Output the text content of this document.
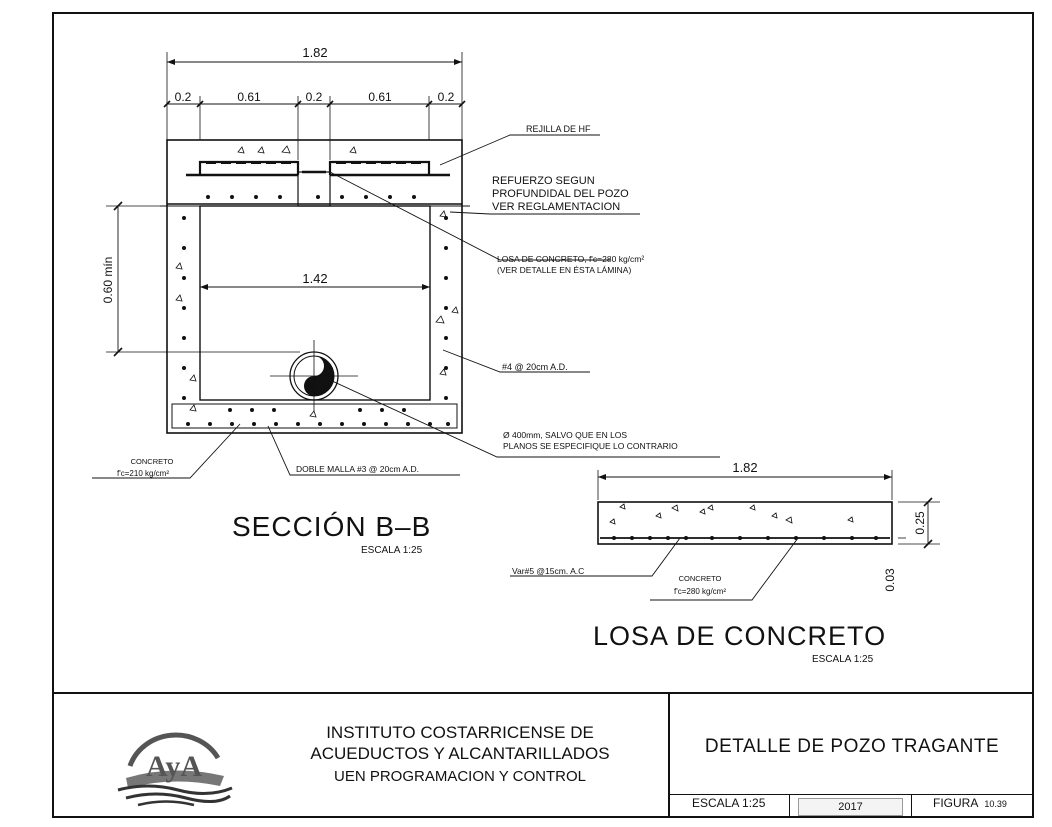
1.82
0.2	0.61	0.2	0.61	0.2
1.42
0.60 mín
REJILLA DE HF
REFUERZO SEGUN
PROFUNDIDAL DEL POZO
VER REGLAMENTACION
LOSA DE CONCRETO, f'c=280 kg/cm²
(VER DETALLE EN ÉSTA LÁMINA)
#4 @ 20cm A.D.
Ø 400mm, SALVO QUE EN LOS
PLANOS SE ESPECIFIQUE LO CONTRARIO
CONCRETO
f'c=210 kg/cm²	DOBLE MALLA #3 @ 20cm A.D.
SECCIÓN B–B
ESCALA 1:25
1.82
0.25
0.03
Var#5 @15cm. A.C
CONCRETO
f'c=280 kg/cm²
LOSA DE CONCRETO
ESCALA 1:25
AyA
INSTITUTO COSTARRICENSE DE
ACUEDUCTOS Y ALCANTARILLADOS
UEN PROGRAMACION Y CONTROL
DETALLE DE POZO TRAGANTE
ESCALA 1:25	2017	FIGURA 10.39
